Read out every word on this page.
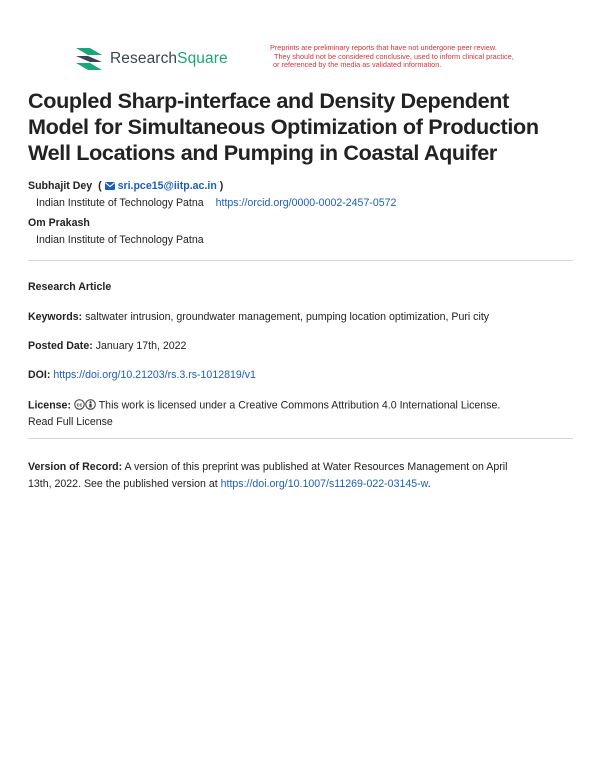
ResearchSquare
Preprints are preliminary reports that have not undergone peer review.
They should not be considered conclusive, used to inform clinical practice,
or referenced by the media as validated information.
Coupled Sharp-interface and Density Dependent
Model for Simultaneous Optimization of Production
Well Locations and Pumping in Coastal Aquifer
Subhajit Dey  ( sri.pce15@iitp.ac.in )
Indian Institute of Technology Patna https://orcid.org/0000-0002-2457-0572
Om Prakash
Indian Institute of Technology Patna
Research Article
Keywords: saltwater intrusion, groundwater management, pumping location optimization, Puri city
Posted Date: January 17th, 2022
DOI: https://doi.org/10.21203/rs.3.rs-1012819/v1
License: cc This work is licensed under a Creative Commons Attribution 4.0 International License.
Read Full License
Version of Record: A version of this preprint was published at Water Resources Management on April
13th, 2022. See the published version at https://doi.org/10.1007/s11269-022-03145-w.
